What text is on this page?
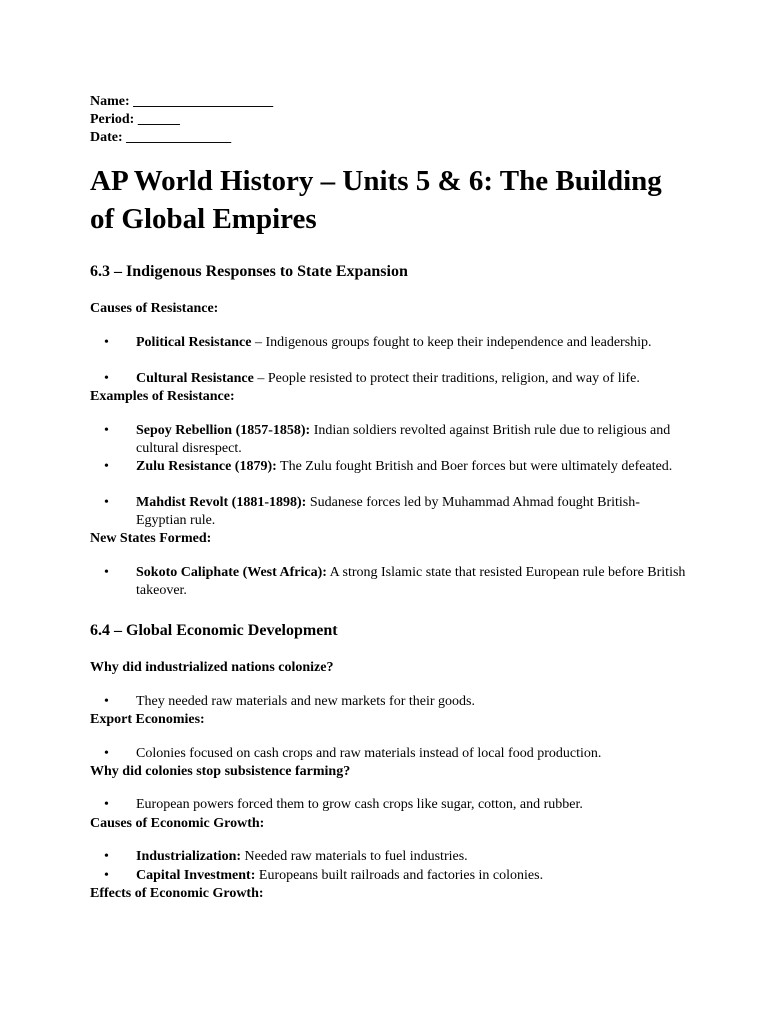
Name: ____________________
Period: ______
Date: _______________
AP World History – Units 5 & 6: The Building of Global Empires
6.3 – Indigenous Responses to State Expansion
Causes of Resistance:
• Political Resistance – Indigenous groups fought to keep their independence and leadership.
• Cultural Resistance – People resisted to protect their traditions, religion, and way of life.
Examples of Resistance:
• Sepoy Rebellion (1857-1858): Indian soldiers revolted against British rule due to religious and cultural disrespect.
• Zulu Resistance (1879): The Zulu fought British and Boer forces but were ultimately defeated.
• Mahdist Revolt (1881-1898): Sudanese forces led by Muhammad Ahmad fought British-Egyptian rule.
New States Formed:
• Sokoto Caliphate (West Africa): A strong Islamic state that resisted European rule before British takeover.
6.4 – Global Economic Development
Why did industrialized nations colonize?
• They needed raw materials and new markets for their goods.
Export Economies:
• Colonies focused on cash crops and raw materials instead of local food production.
Why did colonies stop subsistence farming?
• European powers forced them to grow cash crops like sugar, cotton, and rubber.
Causes of Economic Growth:
• Industrialization: Needed raw materials to fuel industries.
• Capital Investment: Europeans built railroads and factories in colonies.
Effects of Economic Growth:
